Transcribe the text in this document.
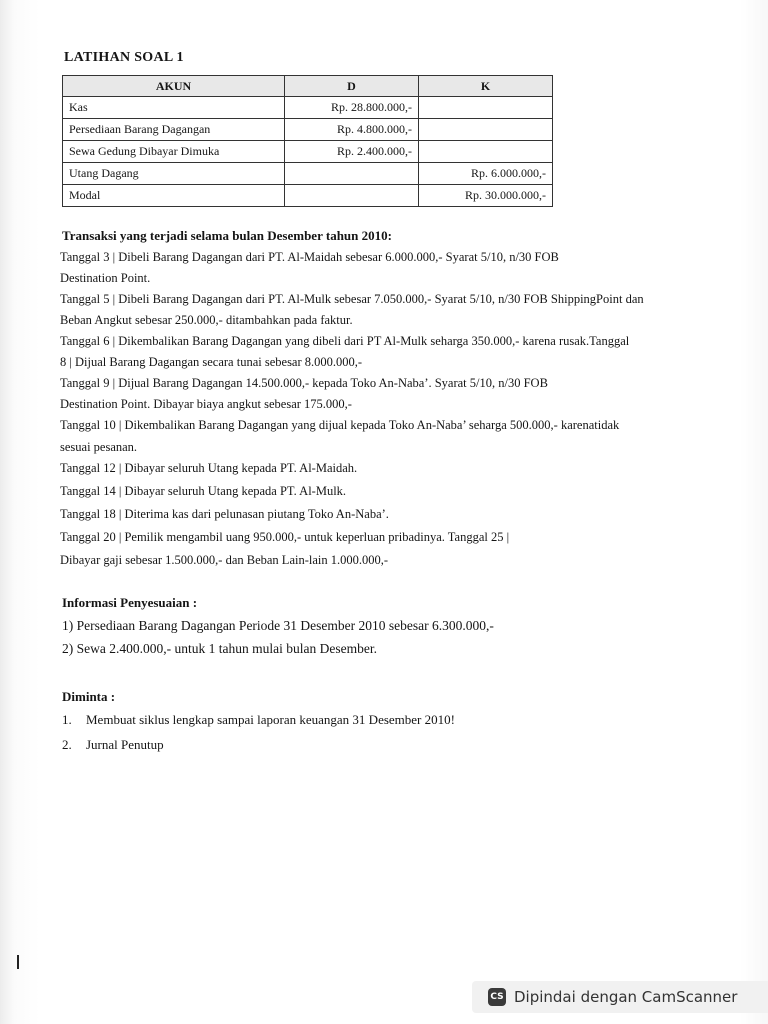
LATIHAN SOAL 1
AKUN	D	K
Kas	Rp. 28.800.000,-	
Persediaan Barang Dagangan	Rp. 4.800.000,-	
Sewa Gedung Dibayar Dimuka	Rp. 2.400.000,-	
Utang Dagang		Rp. 6.000.000,-
Modal		Rp. 30.000.000,-
Transaksi yang terjadi selama bulan Desember tahun 2010:
Tanggal 3 | Dibeli Barang Dagangan dari PT. Al-Maidah sebesar 6.000.000,- Syarat 5/10, n/30 FOB
Destination Point.
Tanggal 5 | Dibeli Barang Dagangan dari PT. Al-Mulk sebesar 7.050.000,- Syarat 5/10, n/30 FOB ShippingPoint dan
Beban Angkut sebesar 250.000,- ditambahkan pada faktur.
Tanggal 6 | Dikembalikan Barang Dagangan yang dibeli dari PT Al-Mulk seharga 350.000,- karena rusak.Tanggal
8 | Dijual Barang Dagangan secara tunai sebesar 8.000.000,-
Tanggal 9 | Dijual Barang Dagangan 14.500.000,- kepada Toko An-Naba’. Syarat 5/10, n/30 FOB
Destination Point. Dibayar biaya angkut sebesar 175.000,-
Tanggal 10 | Dikembalikan Barang Dagangan yang dijual kepada Toko An-Naba’ seharga 500.000,- karenatidak
sesuai pesanan.
Tanggal 12 | Dibayar seluruh Utang kepada PT. Al-Maidah.
Tanggal 14 | Dibayar seluruh Utang kepada PT. Al-Mulk.
Tanggal 18 | Diterima kas dari pelunasan piutang Toko An-Naba’.
Tanggal 20 | Pemilik mengambil uang 950.000,- untuk keperluan pribadinya. Tanggal 25 |
Dibayar gaji sebesar 1.500.000,- dan Beban Lain-lain 1.000.000,-
Informasi Penyesuaian :
1) Persediaan Barang Dagangan Periode 31 Desember 2010 sebesar 6.300.000,-
2) Sewa 2.400.000,- untuk 1 tahun mulai bulan Desember.
Diminta :
1. Membuat siklus lengkap sampai laporan keuangan 31 Desember 2010!
2. Jurnal Penutup
CS Dipindai dengan CamScanner
